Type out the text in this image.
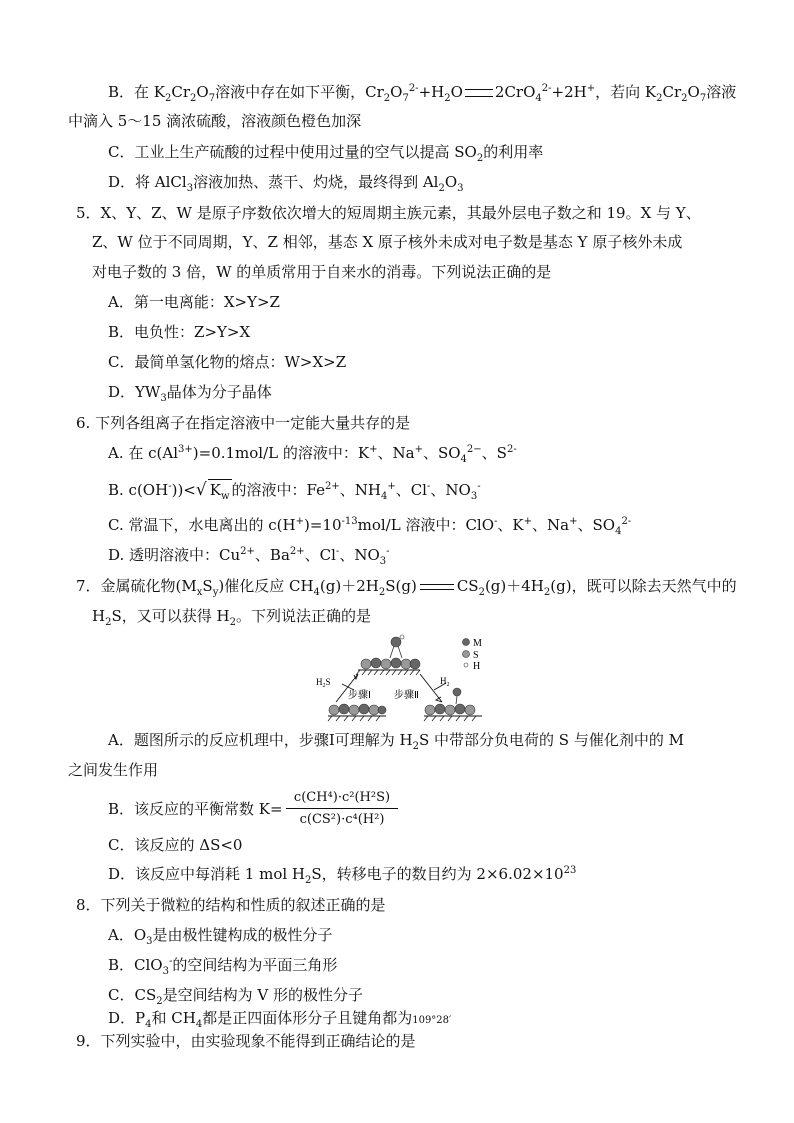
B．在 $K_2Cr_2O_7$溶液中存在如下平衡，$Cr_2O_7^{2-}+H_2O$ 2CrO$_4^{2-}$+2H+，若向 $K_2Cr_2O_7$溶液
中滴入 5～15 滴浓硫酸，溶液颜色橙色加深
C．工业上生产硫酸的过程中使用过量的空气以提高 $SO_2$的利用率
D．将 AlCl$_3$溶液加热、蒸干、灼烧，最终得到 $Al_2O_3$
5．X、Y、Z、W 是原子序数依次增大的短周期主族元素，其最外层电子数之和 19。X 与 Y、
Z、W 位于不同周期，Y、Z 相邻，基态 X 原子核外未成对电子数是基态 Y 原子核外未成
对电子数的 3 倍，W 的单质常用于自来水的消毒。下列说法正确的是
A．第一电离能：X>Y>Z
B．电负性：Z>Y>X
C．最简单氢化物的熔点：W>X>Z
D．$YW_3$晶体为分子晶体
6. 下列各组离子在指定溶液中一定能大量共存的是
A. 在 $c(Al^{3+})=0.1mol/L$ 的溶液中：K+、Na+、$SO_4^{2-}$、$S^{2-}$
B. c(OH-))<√ $K_w$ 的溶液中：$Fe^{2+}$、$NH_4^+$、Cl-、$NO_3^-$
C. 常温下，水电离出的 $c(H^+)=10^{-13}mol/L$ 溶液中：ClO-、K+、Na+、$SO_4^{2-}$
D. 透明溶液中：$Cu^{2+}$、$Ba^{2+}$、Cl-、$NO_3^-$
7．金属硫化物$(M_xS_y)$催化反应 $CH_4(g)+2H_2S(g)$	$CS_2(g)+4H_2(g)$，既可以除去天然气中的
$H_2S$，又可以获得 $H_2$。下列说法正确的是
M
S
H
$H_2S$	$H_2$
步骤Ⅰ 步骤Ⅱ
A．题图所示的反应机理中，步骤Ⅰ可理解为 $H_2S$ 中带部分负电荷的 S 与催化剂中的 M
之间发生作用
B．该反应的平衡常数 $K= \frac{\text{c(CH⁴)·c²(H²S)}}{\text{c(CS²)·c⁴(H²)}}$
C．该反应的 ΔS<0
D．该反应中每消耗 1 mol $H_2S$，转移电子的数目约为 $2\times 6.02\times 10^{23}$
8．下列关于微粒的结构和性质的叙述正确的是
A．$O_3$是由极性键构成的极性分子
B．ClO$_3$-的空间结构为平面三角形
C．$CS_2$是空间结构为 V 形的极性分子
D．$P_4$和 $CH_4$都是正四面体形分子且键角都为109°28′
9．下列实验中，由实验现象不能得到正确结论的是
